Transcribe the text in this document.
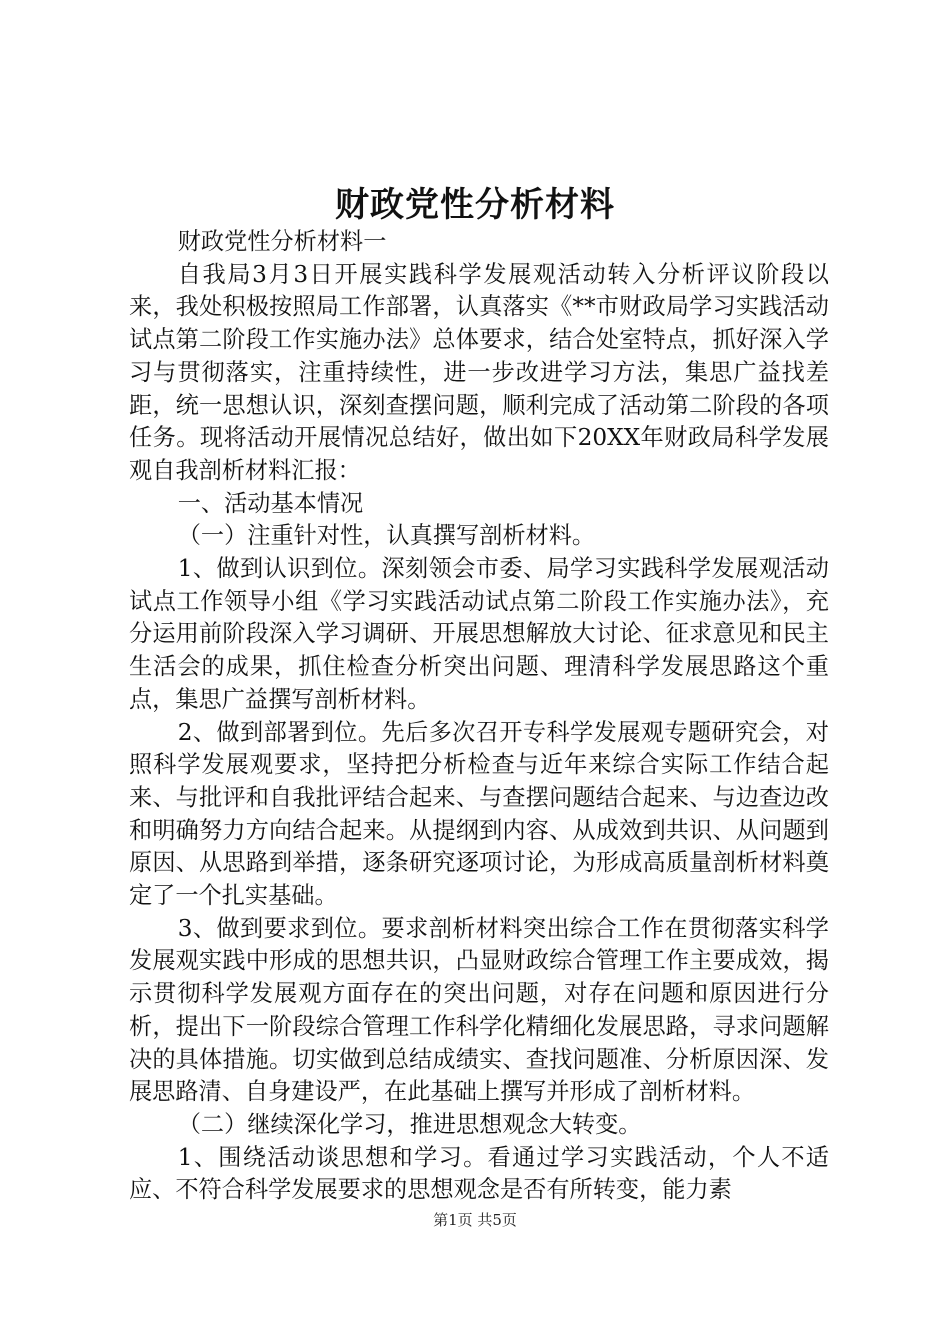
财政党性分析材料

财政党性分析材料一

自我局3月3日开展实践科学发展观活动转入分析评议阶段以来，我处积极按照局工作部署，认真落实《**市财政局学习实践活动试点第二阶段工作实施办法》总体要求，结合处室特点，抓好深入学习与贯彻落实，注重持续性，进一步改进学习方法，集思广益找差距，统一思想认识，深刻查摆问题，顺利完成了活动第二阶段的各项任务。现将活动开展情况总结好，做出如下20XX年财政局科学发展观自我剖析材料汇报：

一、活动基本情况

（一）注重针对性，认真撰写剖析材料。

1、做到认识到位。深刻领会市委、局学习实践科学发展观活动试点工作领导小组《学习实践活动试点第二阶段工作实施办法》，充分运用前阶段深入学习调研、开展思想解放大讨论、征求意见和民主生活会的成果，抓住检查分析突出问题、理清科学发展思路这个重点，集思广益撰写剖析材料。

2、做到部署到位。先后多次召开专科学发展观专题研究会，对照科学发展观要求，坚持把分析检查与近年来综合实际工作结合起来、与批评和自我批评结合起来、与查摆问题结合起来、与边查边改和明确努力方向结合起来。从提纲到内容、从成效到共识、从问题到原因、从思路到举措，逐条研究逐项讨论，为形成高质量剖析材料奠定了一个扎实基础。

3、做到要求到位。要求剖析材料突出综合工作在贯彻落实科学发展观实践中形成的思想共识，凸显财政综合管理工作主要成效，揭示贯彻科学发展观方面存在的突出问题，对存在问题和原因进行分析，提出下一阶段综合管理工作科学化精细化发展思路，寻求问题解决的具体措施。切实做到总结成绩实、查找问题准、分析原因深、发展思路清、自身建设严，在此基础上撰写并形成了剖析材料。

（二）继续深化学习，推进思想观念大转变。

1、围绕活动谈思想和学习。看通过学习实践活动，个人不适应、不符合科学发展要求的思想观念是否有所转变，能力素

第1页 共5页
